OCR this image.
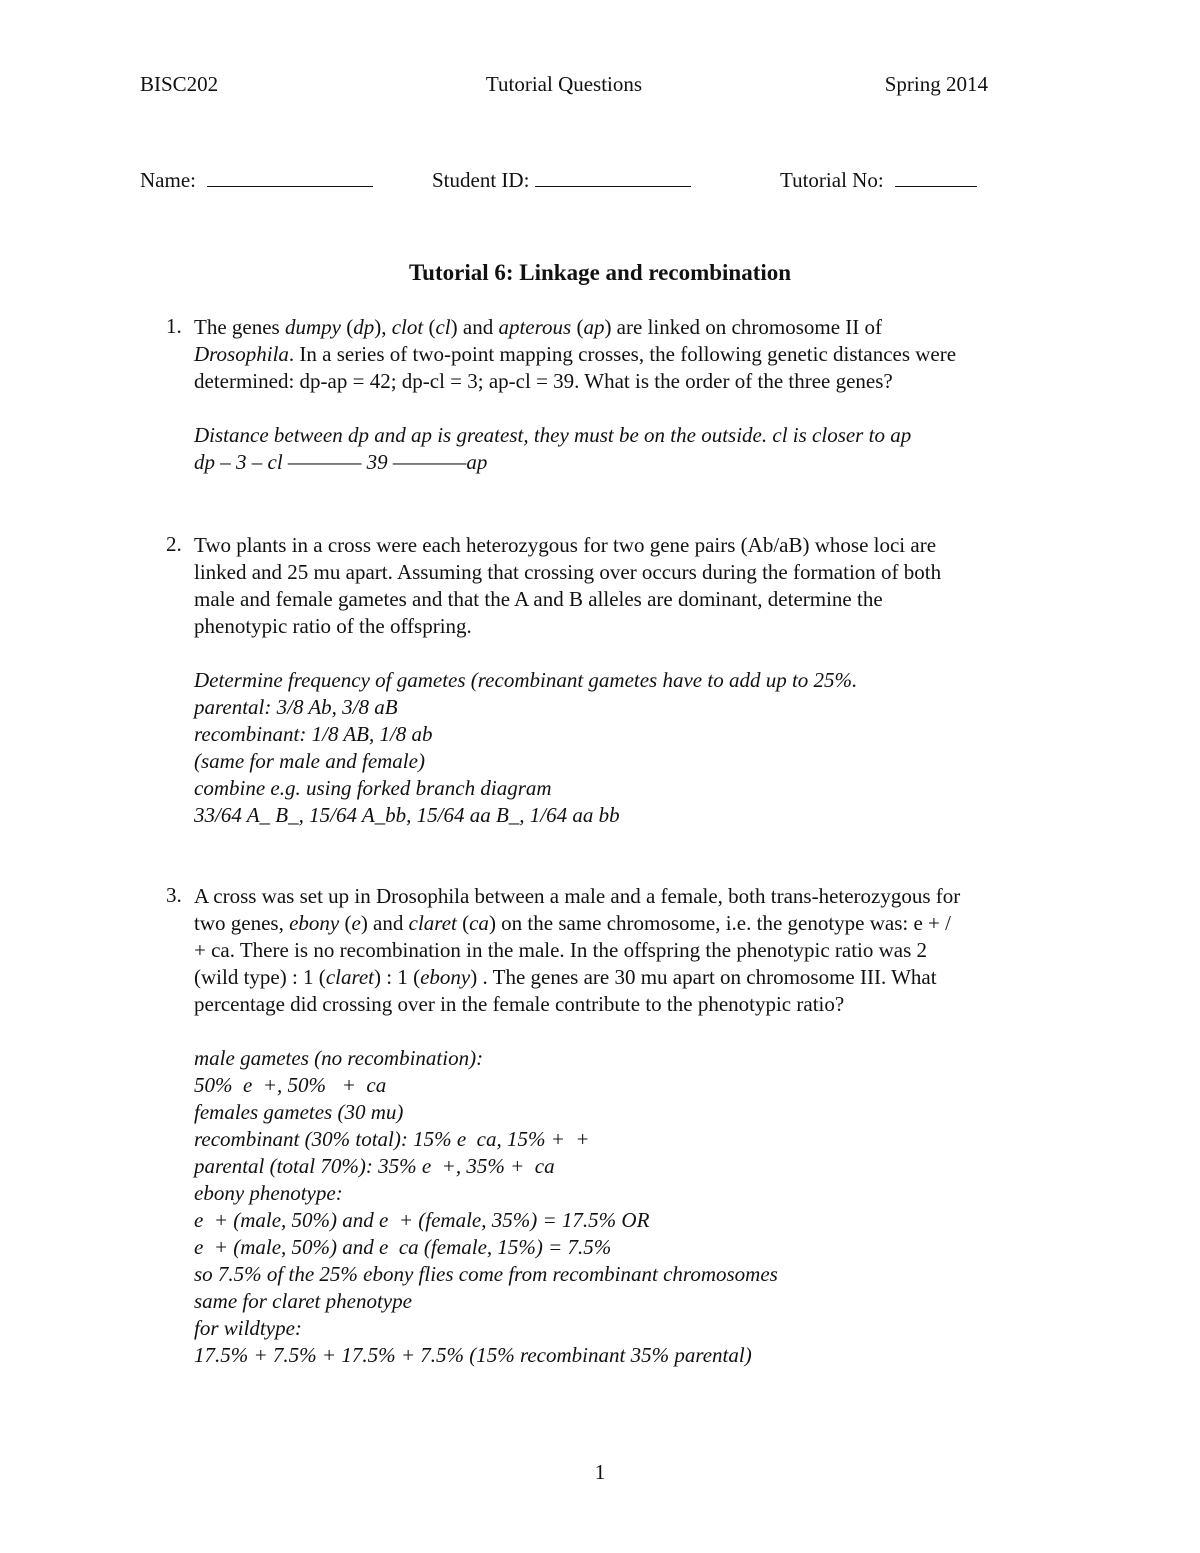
BISC202	Tutorial Questions	Spring 2014
Name:	Student ID:	Tutorial No:
Tutorial 6: Linkage and recombination
1. The genes dumpy (dp), clot (cl) and apterous (ap) are linked on chromosome II of
Drosophila. In a series of two-point mapping crosses, the following genetic distances were
determined: dp-ap = 42; dp-cl = 3; ap-cl = 39. What is the order of the three genes?
Distance between dp and ap is greatest, they must be on the outside. cl is closer to ap
dp – 3 – cl ––––––– 39 –––––––ap
2. Two plants in a cross were each heterozygous for two gene pairs (Ab/aB) whose loci are
linked and 25 mu apart. Assuming that crossing over occurs during the formation of both
male and female gametes and that the A and B alleles are dominant, determine the
phenotypic ratio of the offspring.
Determine frequency of gametes (recombinant gametes have to add up to 25%.
parental: 3/8 Ab, 3/8 aB
recombinant: 1/8 AB, 1/8 ab
(same for male and female)
combine e.g. using forked branch diagram
33/64 A_ B_, 15/64 A_bb, 15/64 aa B_, 1/64 aa bb
3. A cross was set up in Drosophila between a male and a female, both trans-heterozygous for
two genes, ebony (e) and claret (ca) on the same chromosome, i.e. the genotype was: e + /
+ ca. There is no recombination in the male. In the offspring the phenotypic ratio was 2
(wild type) : 1 (claret) : 1 (ebony) . The genes are 30 mu apart on chromosome III. What
percentage did crossing over in the female contribute to the phenotypic ratio?
male gametes (no recombination):
50%  e  +, 50%   +  ca
females gametes (30 mu)
recombinant (30% total): 15% e  ca, 15% +  +
parental (total 70%): 35% e  +, 35% +  ca
ebony phenotype:
e  + (male, 50%) and e  + (female, 35%) = 17.5% OR
e  + (male, 50%) and e  ca (female, 15%) = 7.5%
so 7.5% of the 25% ebony flies come from recombinant chromosomes
same for claret phenotype
for wildtype:
17.5% + 7.5% + 17.5% + 7.5% (15% recombinant 35% parental)
1
